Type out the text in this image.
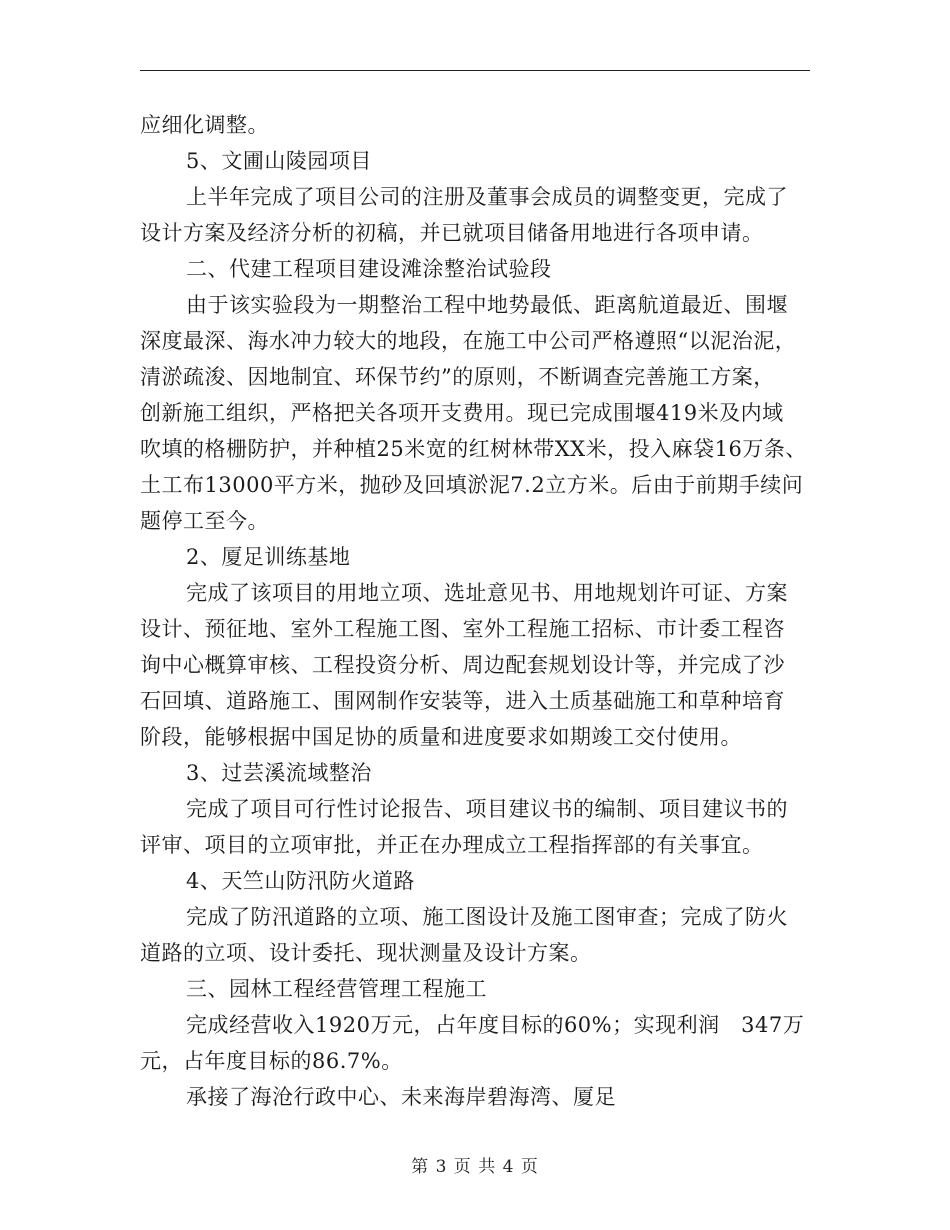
应细化调整。
5、文圃山陵园项目
上半年完成了项目公司的注册及董事会成员的调整变更，完成了
设计方案及经济分析的初稿，并已就项目储备用地进行各项申请。
二、代建工程项目建设滩涂整治试验段
由于该实验段为一期整治工程中地势最低、距离航道最近、围堰
深度最深、海水冲力较大的地段，在施工中公司严格遵照“以泥治泥，
清淤疏浚、因地制宜、环保节约”的原则，不断调查完善施工方案，
创新施工组织，严格把关各项开支费用。现已完成围堰419米及内域
吹填的格栅防护，并种植25米宽的红树林带XX米，投入麻袋16万条、
土工布13000平方米，抛砂及回填淤泥7.2立方米。后由于前期手续问
题停工至今。
2、厦足训练基地
完成了该项目的用地立项、选址意见书、用地规划许可证、方案
设计、预征地、室外工程施工图、室外工程施工招标、市计委工程咨
询中心概算审核、工程投资分析、周边配套规划设计等，并完成了沙
石回填、道路施工、围网制作安装等，进入土质基础施工和草种培育
阶段，能够根据中国足协的质量和进度要求如期竣工交付使用。
3、过芸溪流域整治
完成了项目可行性讨论报告、项目建议书的编制、项目建议书的
评审、项目的立项审批，并正在办理成立工程指挥部的有关事宜。
4、天竺山防汛防火道路
完成了防汛道路的立项、施工图设计及施工图审查；完成了防火
道路的立项、设计委托、现状测量及设计方案。
三、园林工程经营管理工程施工
完成经营收入1920万元，占年度目标的60%；实现利润　347万
元，占年度目标的86.7%。
承接了海沧行政中心、未来海岸碧海湾、厦足
第 3 页 共 4 页
